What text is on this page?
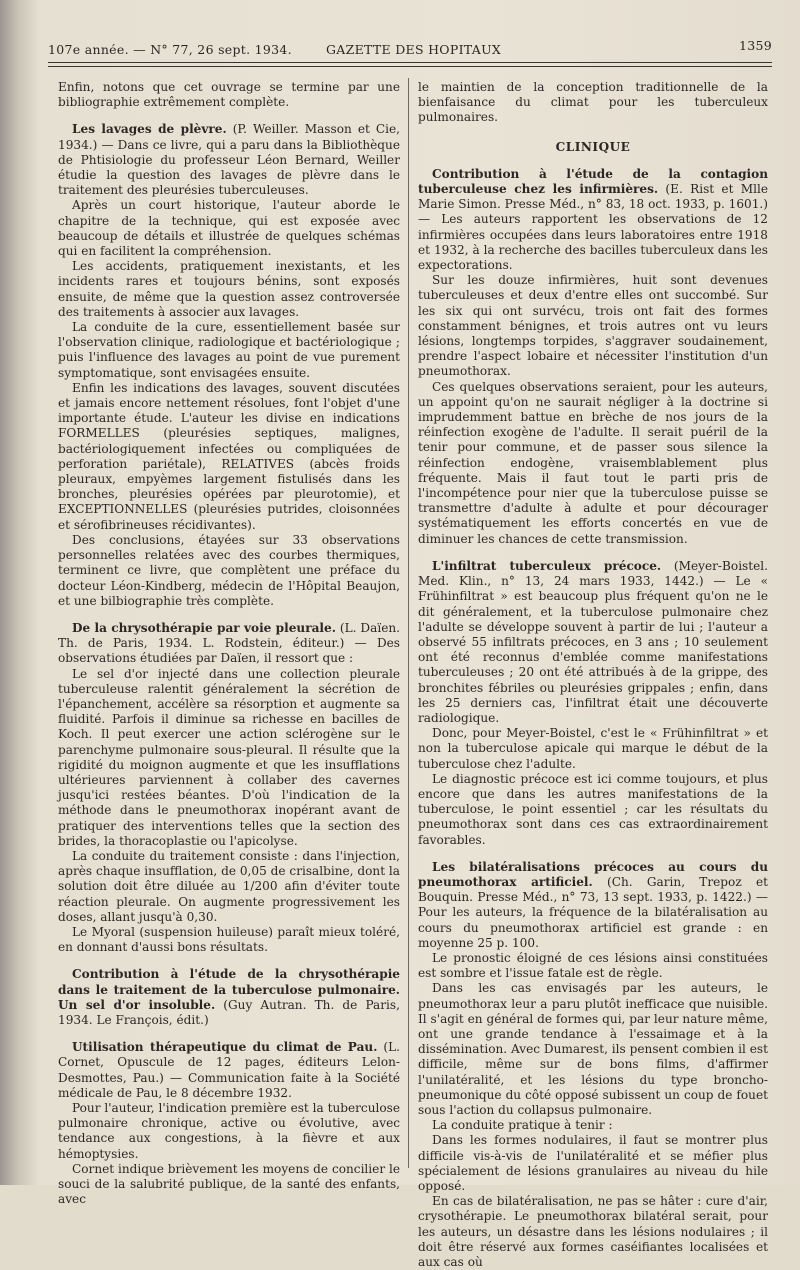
107e année. — N° 77, 26 sept. 1934.	GAZETTE DES HOPITAUX	1359

Enfin, notons que cet ouvrage se termine par une bibliographie extrêmement complète.

Les lavages de plèvre. (P. Weiller. Masson et Cie, 1934.) — Dans ce livre, qui a paru dans la Bibliothèque de Phtisiologie du professeur Léon Bernard, Weiller étudie la question des lavages de plèvre dans le traitement des pleurésies tuberculeuses.

Après un court historique, l'auteur aborde le chapitre de la technique, qui est exposée avec beaucoup de détails et illustrée de quelques schémas qui en facilitent la compréhension.

Les accidents, pratiquement inexistants, et les incidents rares et toujours bénins, sont exposés ensuite, de même que la question assez controversée des traitements à associer aux lavages.

La conduite de la cure, essentiellement basée sur l'observation clinique, radiologique et bactériologique ; puis l'influence des lavages au point de vue purement symptomatique, sont envisagées ensuite.

Enfin les indications des lavages, souvent discutées et jamais encore nettement résolues, font l'objet d'une importante étude. L'auteur les divise en indications FORMELLES (pleurésies septiques, malignes, bactériologiquement infectées ou compliquées de perforation pariétale), RELATIVES (abcès froids pleuraux, empyèmes largement fistulisés dans les bronches, pleurésies opérées par pleurotomie), et EXCEPTIONNELLES (pleurésies putrides, cloisonnées et sérofibrineuses récidivantes).

Des conclusions, étayées sur 33 observations personnelles relatées avec des courbes thermiques, terminent ce livre, que complètent une préface du docteur Léon-Kindberg, médecin de l'Hôpital Beaujon, et une bilbiographie très complète.

De la chrysothérapie par voie pleurale. (L. Daïen. Th. de Paris, 1934. L. Rodstein, éditeur.) — Des observations étudiées par Daïen, il ressort que :

Le sel d'or injecté dans une collection pleurale tuberculeuse ralentit généralement la sécrétion de l'épanchement, accélère sa résorption et augmente sa fluidité. Parfois il diminue sa richesse en bacilles de Koch. Il peut exercer une action sclérogène sur le parenchyme pulmonaire sous-pleural. Il résulte que la rigidité du moignon augmente et que les insufflations ultérieures parviennent à collaber des cavernes jusqu'ici restées béantes. D'où l'indication de la méthode dans le pneumothorax inopérant avant de pratiquer des interventions telles que la section des brides, la thoracoplastie ou l'apicolyse.

La conduite du traitement consiste : dans l'injection, après chaque insufflation, de 0,05 de crisalbine, dont la solution doit être diluée au 1/200 afin d'éviter toute réaction pleurale. On augmente progressivement les doses, allant jusqu'à 0,30.

Le Myoral (suspension huileuse) paraît mieux toléré, en donnant d'aussi bons résultats.

Contribution à l'étude de la chrysothérapie dans le traitement de la tuberculose pulmonaire. Un sel d'or insoluble. (Guy Autran. Th. de Paris, 1934. Le François, édit.)

Utilisation thérapeutique du climat de Pau. (L. Cornet, Opuscule de 12 pages, éditeurs Lelon-Desmottes, Pau.) — Communication faite à la Société médicale de Pau, le 8 décembre 1932.

Pour l'auteur, l'indication première est la tuberculose pulmonaire chronique, active ou évolutive, avec tendance aux congestions, à la fièvre et aux hémoptysies.

Cornet indique brièvement les moyens de concilier le souci de la salubrité publique, de la santé des enfants, avec

le maintien de la conception traditionnelle de la bienfaisance du climat pour les tuberculeux pulmonaires.

CLINIQUE

Contribution à l'étude de la contagion tuberculeuse chez les infirmières. (E. Rist et Mlle Marie Simon. Presse Méd., n° 83, 18 oct. 1933, p. 1601.) — Les auteurs rapportent les observations de 12 infirmières occupées dans leurs laboratoires entre 1918 et 1932, à la recherche des bacilles tuberculeux dans les expectorations.

Sur les douze infirmières, huit sont devenues tuberculeuses et deux d'entre elles ont succombé. Sur les six qui ont survécu, trois ont fait des formes constamment bénignes, et trois autres ont vu leurs lésions, longtemps torpides, s'aggraver soudainement, prendre l'aspect lobaire et nécessiter l'institution d'un pneumothorax.

Ces quelques observations seraient, pour les auteurs, un appoint qu'on ne saurait négliger à la doctrine si imprudemment battue en brèche de nos jours de la réinfection exogène de l'adulte. Il serait puéril de la tenir pour commune, et de passer sous silence la réinfection endogène, vraisemblablement plus fréquente. Mais il faut tout le parti pris de l'incompétence pour nier que la tuberculose puisse se transmettre d'adulte à adulte et pour décourager systématiquement les efforts concertés en vue de diminuer les chances de cette transmission.

L'infiltrat tuberculeux précoce. (Meyer-Boistel. Med. Klin., n° 13, 24 mars 1933, 1442.) — Le « Frühinfiltrat » est beaucoup plus fréquent qu'on ne le dit généralement, et la tuberculose pulmonaire chez l'adulte se développe souvent à partir de lui ; l'auteur a observé 55 infiltrats précoces, en 3 ans ; 10 seulement ont été reconnus d'emblée comme manifestations tuberculeuses ; 20 ont été attribués à de la grippe, des bronchites fébriles ou pleurésies grippales ; enfin, dans les 25 derniers cas, l'infiltrat était une découverte radiologique.

Donc, pour Meyer-Boistel, c'est le « Frühinfiltrat » et non la tuberculose apicale qui marque le début de la tuberculose chez l'adulte.

Le diagnostic précoce est ici comme toujours, et plus encore que dans les autres manifestations de la tuberculose, le point essentiel ; car les résultats du pneumothorax sont dans ces cas extraordinairement favorables.

Les bilatéralisations précoces au cours du pneumothorax artificiel. (Ch. Garin, Trepoz et Bouquin. Presse Méd., n° 73, 13 sept. 1933, p. 1422.) — Pour les auteurs, la fréquence de la bilatéralisation au cours du pneumothorax artificiel est grande : en moyenne 25 p. 100.

Le pronostic éloigné de ces lésions ainsi constituées est sombre et l'issue fatale est de règle.

Dans les cas envisagés par les auteurs, le pneumothorax leur a paru plutôt inefficace que nuisible. Il s'agit en général de formes qui, par leur nature même, ont une grande tendance à l'essaimage et à la dissémination. Avec Dumarest, ils pensent combien il est difficile, même sur de bons films, d'affirmer l'unilatéralité, et les lésions du type broncho-pneumonique du côté opposé subissent un coup de fouet sous l'action du collapsus pulmonaire.

La conduite pratique à tenir :

Dans les formes nodulaires, il faut se montrer plus difficile vis-à-vis de l'unilatéralité et se méfier plus spécialement de lésions granulaires au niveau du hile opposé.

En cas de bilatéralisation, ne pas se hâter : cure d'air, crysothérapie. Le pneumothorax bilatéral serait, pour les auteurs, un désastre dans les lésions nodulaires ; il doit être réservé aux formes caséifiantes localisées et aux cas où
